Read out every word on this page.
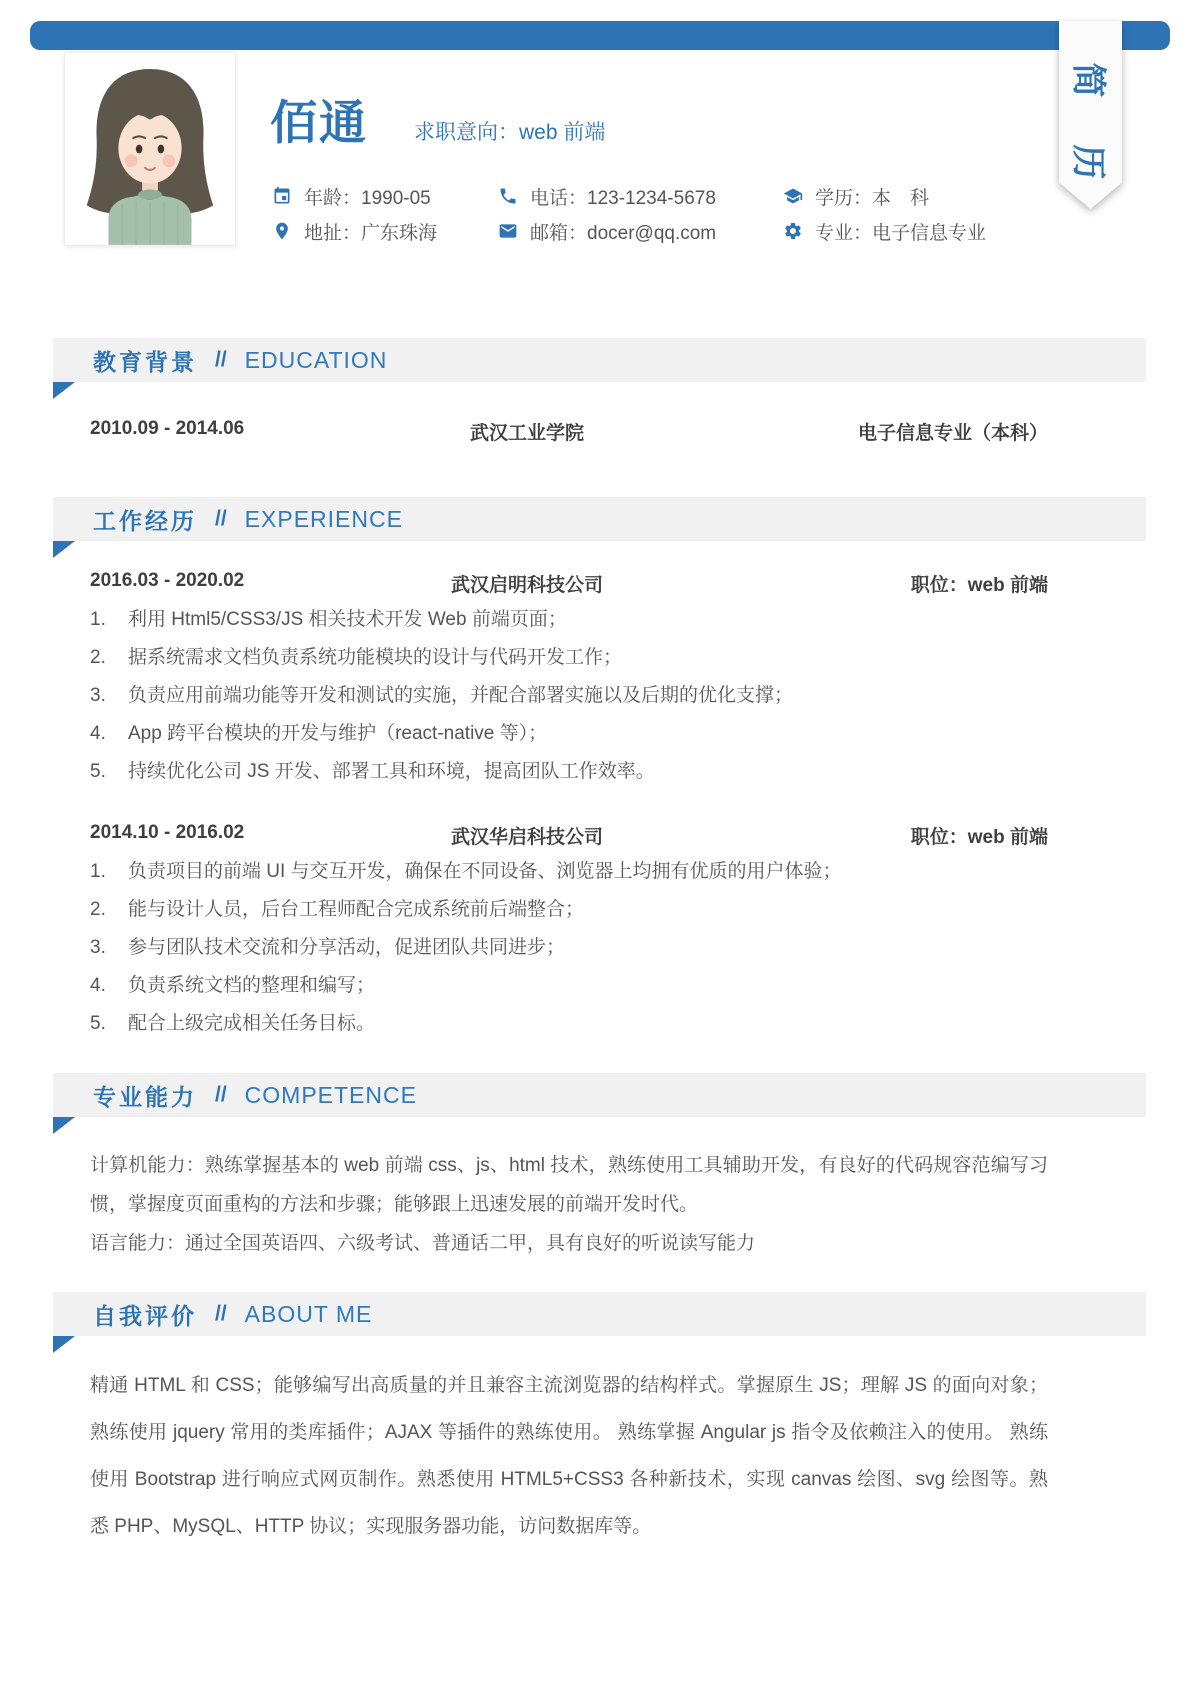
简
历
佰通 求职意向：web 前端
年龄：1990-05	电话：123-1234-5678	学历：本　科
地扯：广东珠海	邮箱：docer@qq.com	专业：电子信息专业
教育背景 // EDUCATION
2010.09 - 2014.06	武汉工业学院	电子信息专业（本科）
工作经历 // EXPERIENCE
2016.03 - 2020.02	武汉启明科技公司	职位：web 前端
利用 Html5/CSS3/JS 相关技术开发 Web 前端页面；
据系统需求文档负责系统功能模块的设计与代码开发工作；
负责应用前端功能等开发和测试的实施，并配合部署实施以及后期的优化支撑；
App 跨平台模块的开发与维护（react-native 等）；
持续优化公司 JS 开发、部署工具和环境，提高团队工作效率。
2014.10 - 2016.02	武汉华启科技公司	职位：web 前端
负责项目的前端 UI 与交互开发，确保在不同设备、浏览器上均拥有优质的用户体验；
能与设计人员，后台工程师配合完成系统前后端整合；
参与团队技术交流和分享活动，促进团队共同进步；
负责系统文档的整理和编写；
配合上级完成相关任务目标。
专业能力 // COMPETENCE

计算机能力：熟练掌握基本的 web 前端 css、js、html 技术，熟练使用工具辅助开发，有良好的代码规容范编写习惯，掌握度页面重构的方法和步骤；能够跟上迅速发展的前端开发时代。

语言能力：通过全国英语四、六级考试、普通话二甲，具有良好的听说读写能力

自我评价 // ABOUT ME

精通 HTML 和 CSS；能够编写出高质量的并且兼容主流浏览器的结构样式。掌握原生 JS；理解 JS 的面向对象；熟练使用 jquery 常用的类库插件；AJAX 等插件的熟练使用。 熟练掌握 Angular js 指令及依赖注入的使用。 熟练使用 Bootstrap 进行响应式网页制作。熟悉使用 HTML5+CSS3 各种新技术，实现 canvas 绘图、svg 绘图等。熟悉 PHP、MySQL、HTTP 协议；实现服务器功能，访问数据库等。
